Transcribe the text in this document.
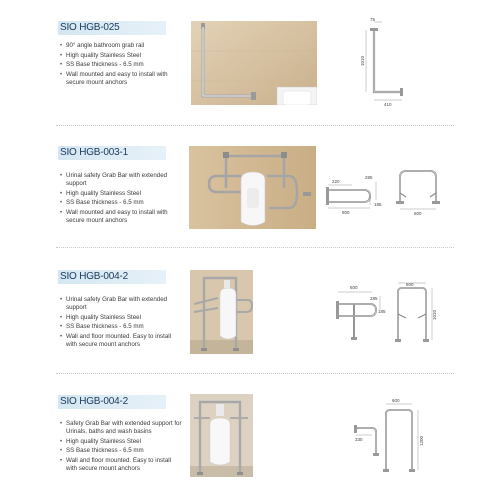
SIO HGB-025
• 90° angle bathroom grab rail
• High quality Stainless Steel
• SS Base thickness - 6.5 mm
• Wall mounted and easy to install with secure mount anchors
75
1010
410
SIO HGB-003-1
• Urinal safety Grab Bar with extended support
• High quality Stainless Steel
• SS Base thickness - 6.5 mm
• Wall mounted and easy to install with secure mount anchors
220
285
185
800	600
SIO HGB-004-2
• Urinal safety Grab Bar with extended support
• High quality Stainless Steel
• SS Base thickness - 6.5 mm
• Wall and floor mounted. Easy to install with secure mount anchors
600
285
185
600
1010
SIO HGB-004-2
• Safety Grab Bar with extended support for Urinals, baths and wash basins
• High quality Stainless Steel
• SS Base thickness - 6.5 mm
• Wall and floor mounted. Easy to install with secure mount anchors
330
600
1200
